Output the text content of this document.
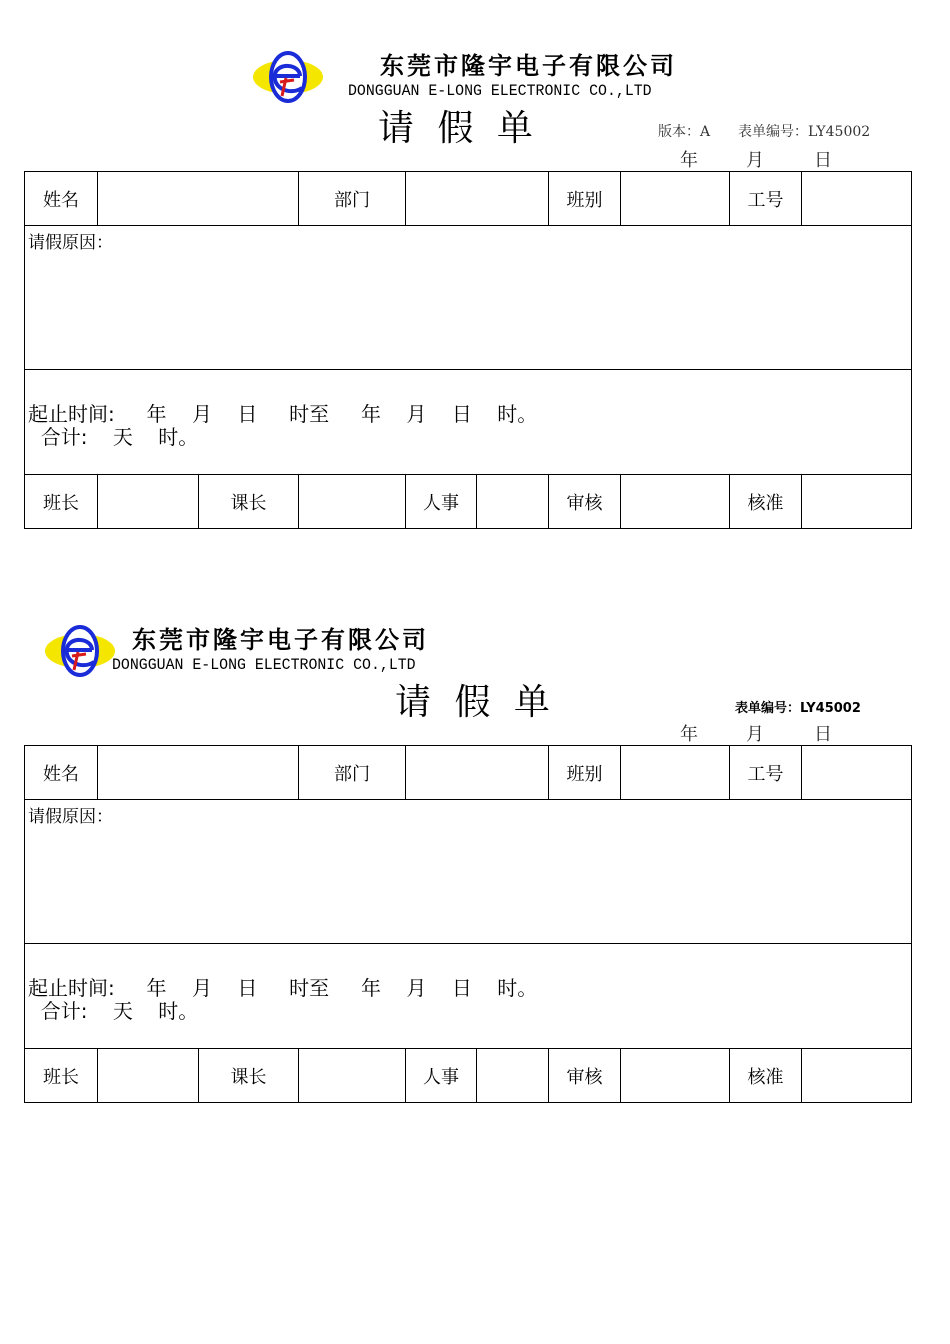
东莞市隆宇电子有限公司
DONGGUAN E-LONG ELECTRONIC CO.,LTD
请 假 单	版本：A 表单编号：LY45002
年	月	日
姓名	部门	班别	工号
请假原因：
起止时间:     年    月    日     时至     年    月    日    时。
合计:    天    时。
班长	课长	人事	审核	核准
东莞市隆宇电子有限公司
DONGGUAN E-LONG ELECTRONIC CO.,LTD
请 假 单	表单编号：LY45002
年	月	日
姓名	部门	班别	工号
请假原因：
起止时间:     年    月    日     时至     年    月    日    时。
合计:    天    时。
班长	课长	人事	审核	核准
